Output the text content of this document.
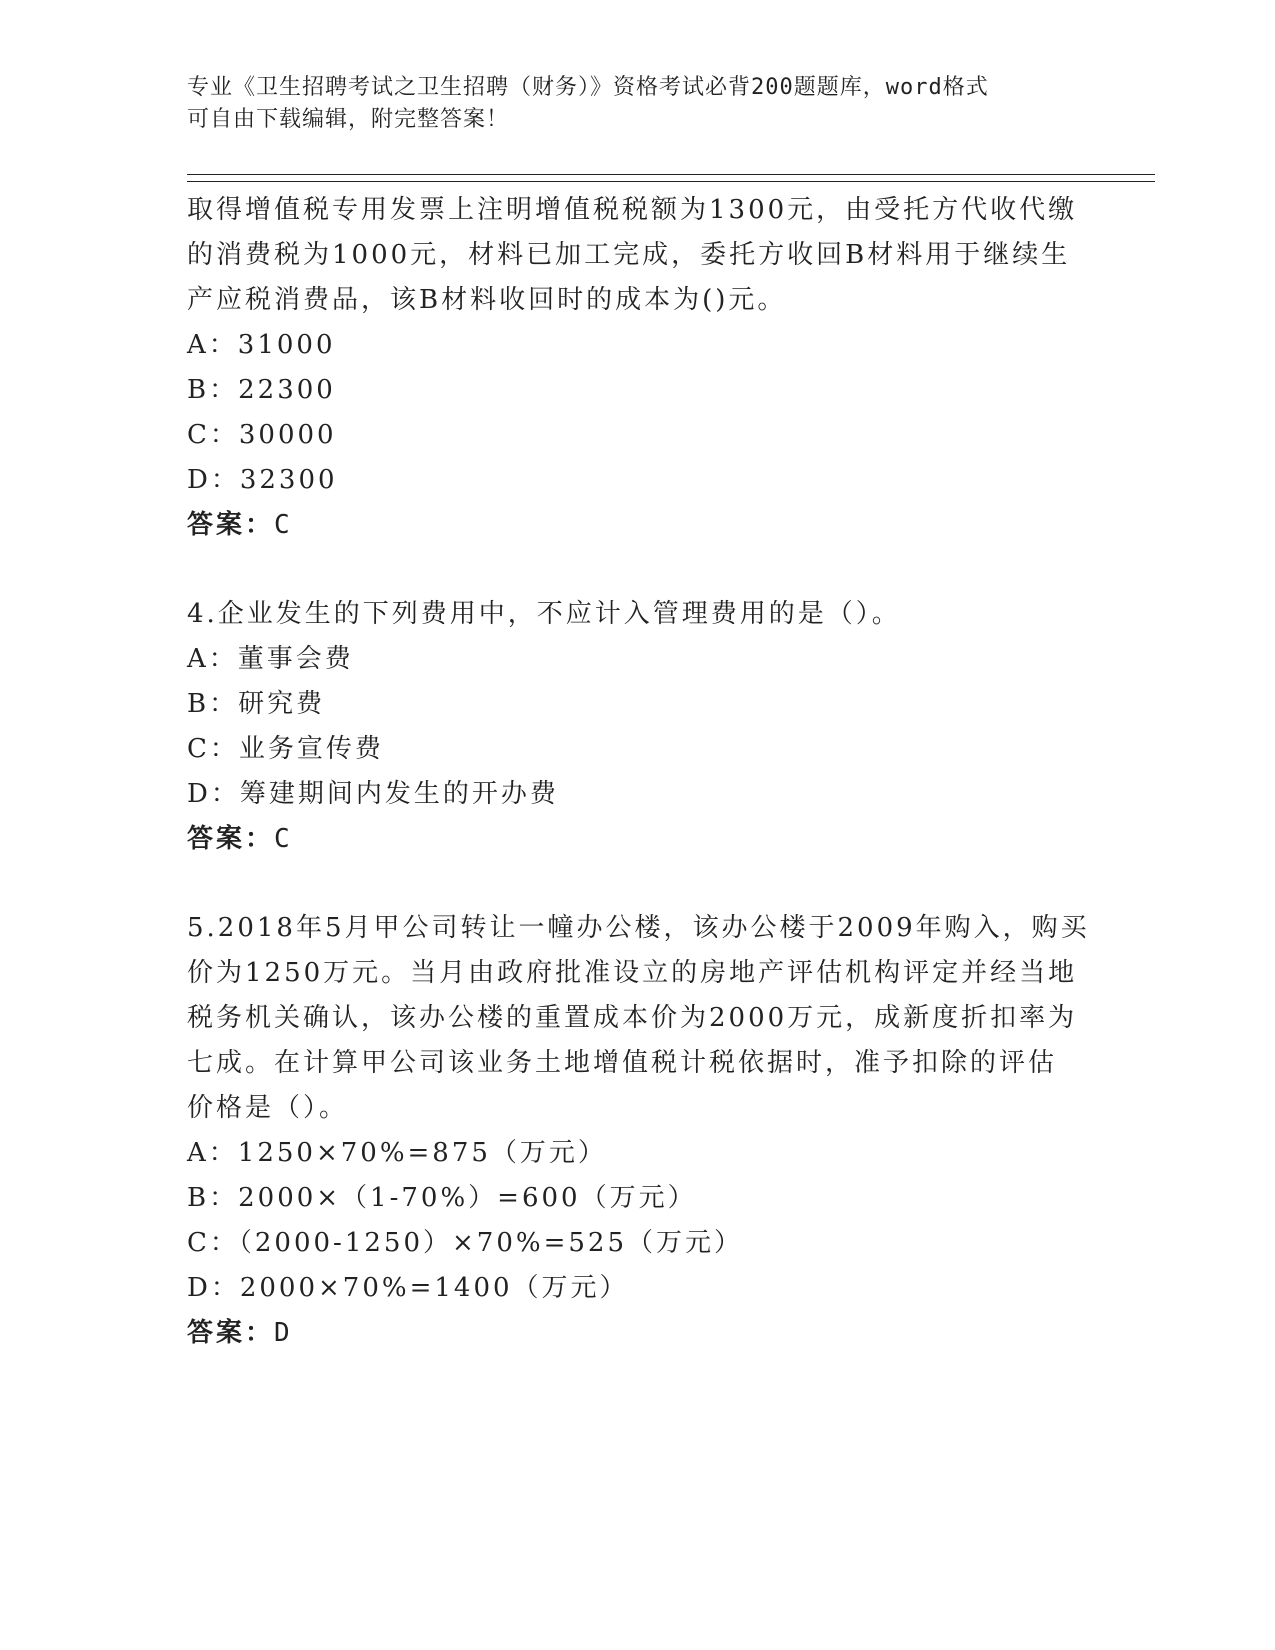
专业《卫生招聘考试之卫生招聘（财务）》资格考试必背200题题库，word格式
可自由下载编辑，附完整答案！
取得增值税专用发票上注明增值税税额为1300元，由受托方代收代缴
的消费税为1000元，材料已加工完成，委托方收回B材料用于继续生
产应税消费品，该B材料收回时的成本为()元。
A：31000
B：22300
C：30000
D：32300
答案：C
4.企业发生的下列费用中，不应计入管理费用的是（）。
A：董事会费
B：研究费
C：业务宣传费
D：筹建期间内发生的开办费
答案：C
5.2018年5月甲公司转让一幢办公楼，该办公楼于2009年购入，购买
价为1250万元。当月由政府批准设立的房地产评估机构评定并经当地
税务机关确认，该办公楼的重置成本价为2000万元，成新度折扣率为
七成。在计算甲公司该业务土地增值税计税依据时，准予扣除的评估
价格是（）。
A：1250×70%=875（万元）
B：2000×（1-70%）=600（万元）
C：（2000-1250）×70%=525（万元）
D：2000×70%=1400（万元）
答案：D
